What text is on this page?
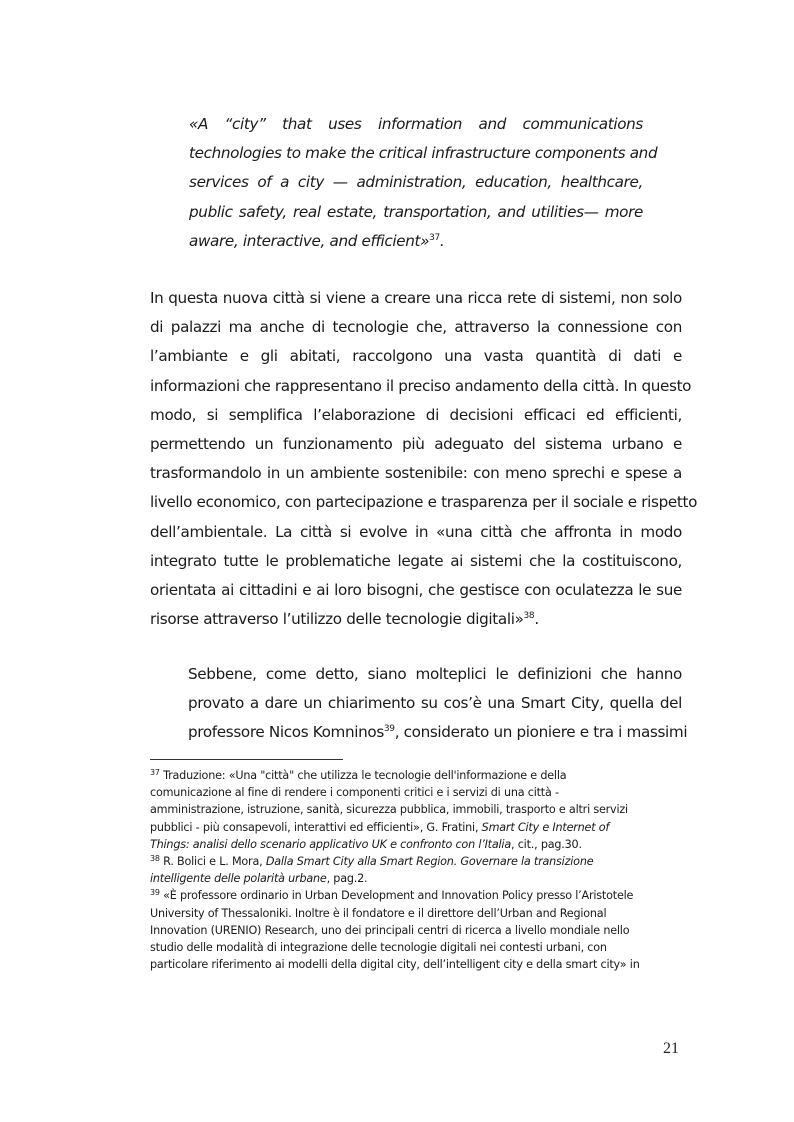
«A “city” that uses information and communications
technologies to make the critical infrastructure components and
services of a city — administration, education, healthcare,
public safety, real estate, transportation, and utilities— more
aware, interactive, and efficient»$^{37}$.
In questa nuova città si viene a creare una ricca rete di sistemi, non solo
di palazzi ma anche di tecnologie che, attraverso la connessione con
l’ambiante e gli abitati, raccolgono una vasta quantità di dati e
informazioni che rappresentano il preciso andamento della città. In questo
modo, si semplifica l’elaborazione di decisioni efficaci ed efficienti,
permettendo un funzionamento più adeguato del sistema urbano e
trasformandolo in un ambiente sostenibile: con meno sprechi e spese a
livello economico, con partecipazione e trasparenza per il sociale e rispetto
dell’ambientale. La città si evolve in «una città che affronta in modo
integrato tutte le problematiche legate ai sistemi che la costituiscono,
orientata ai cittadini e ai loro bisogni, che gestisce con oculatezza le sue
risorse attraverso l’utilizzo delle tecnologie digitali»$^{38}$.
Sebbene, come detto, siano molteplici le definizioni che hanno
provato a dare un chiarimento su cos’è una Smart City, quella del
professore Nicos Komninos$^{39}$, considerato un pioniere e tra i massimi
$^{37}$ Traduzione: «Una "città" che utilizza le tecnologie dell'informazione e della
comunicazione al fine di rendere i componenti critici e i servizi di una città -
amministrazione, istruzione, sanità, sicurezza pubblica, immobili, trasporto e altri servizi
pubblici - più consapevoli, interattivi ed efficienti», G. Fratini, Smart City e Internet of
Things: analisi dello scenario applicativo UK e confronto con l’Italia, cit., pag.30.
$^{38}$ R. Bolici e L. Mora, Dalla Smart City alla Smart Region. Governare la transizione
intelligente delle polarità urbane, pag.2.
$^{39}$ «È professore ordinario in Urban Development and Innovation Policy presso l’Aristotele
University of Thessaloniki. Inoltre è il fondatore e il direttore dell’Urban and Regional
Innovation (URENIO) Research, uno dei principali centri di ricerca a livello mondiale nello
studio delle modalità di integrazione delle tecnologie digitali nei contesti urbani, con
particolare riferimento ai modelli della digital city, dell’intelligent city e della smart city» in
21
